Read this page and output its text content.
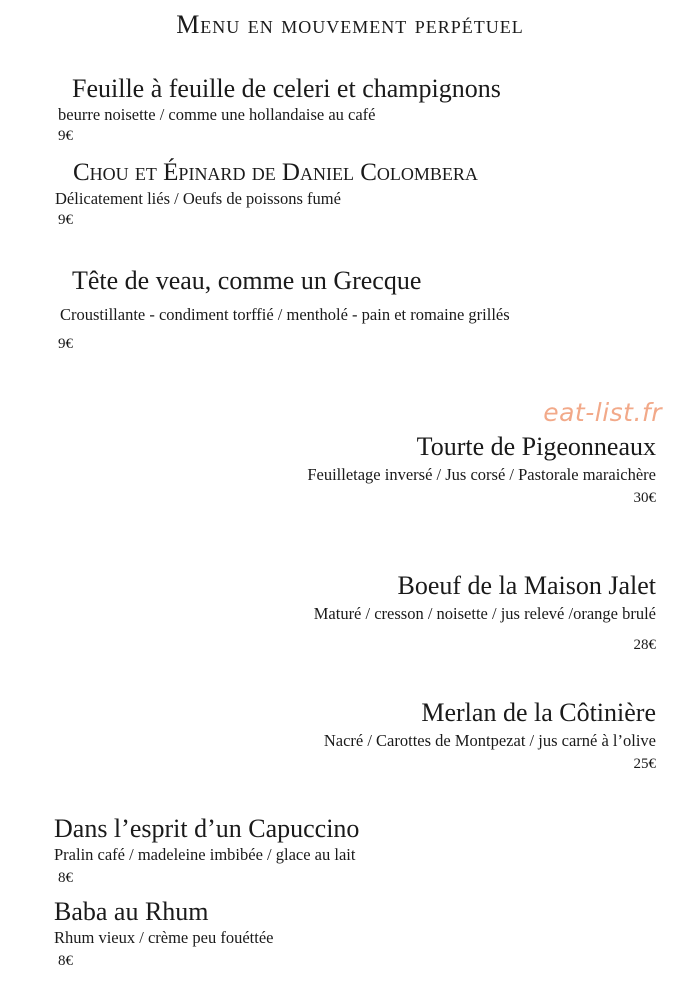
Menu en mouvement perpétuel
Feuille à feuille de celeri et champignons
beurre noisette / comme une hollandaise au café
9€
Chou et Épinard de Daniel Colombera
Délicatement liés / Oeufs de poissons fumé
9€
Tête de veau, comme un Grecque
Croustillante - condiment torffié / mentholé - pain et romaine grillés
9€
eat-list.fr
Tourte de Pigeonneaux
Feuilletage inversé / Jus corsé / Pastorale maraichère
30€
Boeuf de la Maison Jalet
Maturé / cresson / noisette / jus relevé /orange brulé
28€
Merlan de la Côtinière
Nacré / Carottes de Montpezat / jus carné à l’olive
25€
Dans l’esprit d’un Capuccino
Pralin café / madeleine imbibée / glace au lait
8€
Baba au Rhum
Rhum vieux / crème peu fouéttée
8€
